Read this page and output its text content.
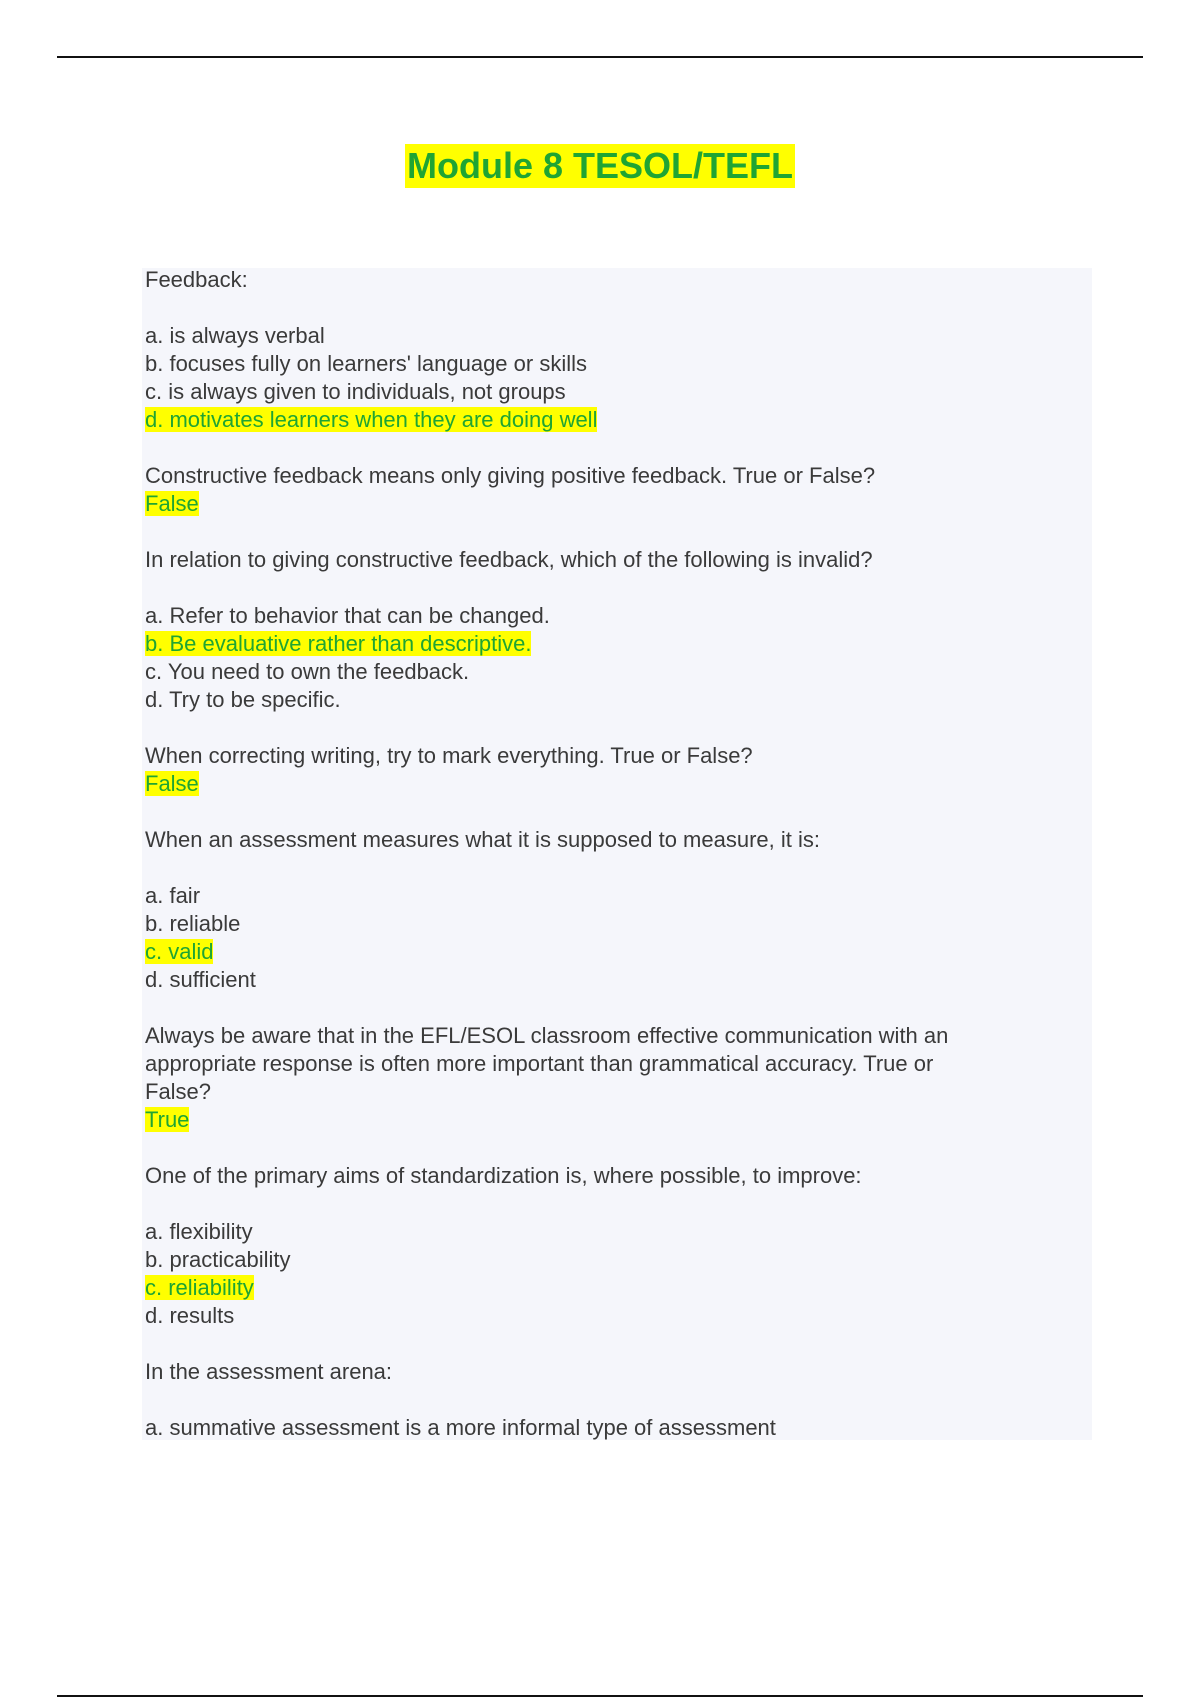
Module 8 TESOL/TEFL
Feedback:
a. is always verbal
b. focuses fully on learners' language or skills
c. is always given to individuals, not groups
d. motivates learners when they are doing well
Constructive feedback means only giving positive feedback. True or False?
False
In relation to giving constructive feedback, which of the following is invalid?
a. Refer to behavior that can be changed.
b. Be evaluative rather than descriptive.
c. You need to own the feedback.
d. Try to be specific.
When correcting writing, try to mark everything. True or False?
False
When an assessment measures what it is supposed to measure, it is:
a. fair
b. reliable
c. valid
d. sufficient
Always be aware that in the EFL/ESOL classroom effective communication with an
appropriate response is often more important than grammatical accuracy. True or
False?
True
One of the primary aims of standardization is, where possible, to improve:
a. flexibility
b. practicability
c. reliability
d. results
In the assessment arena:
a. summative assessment is a more informal type of assessment
